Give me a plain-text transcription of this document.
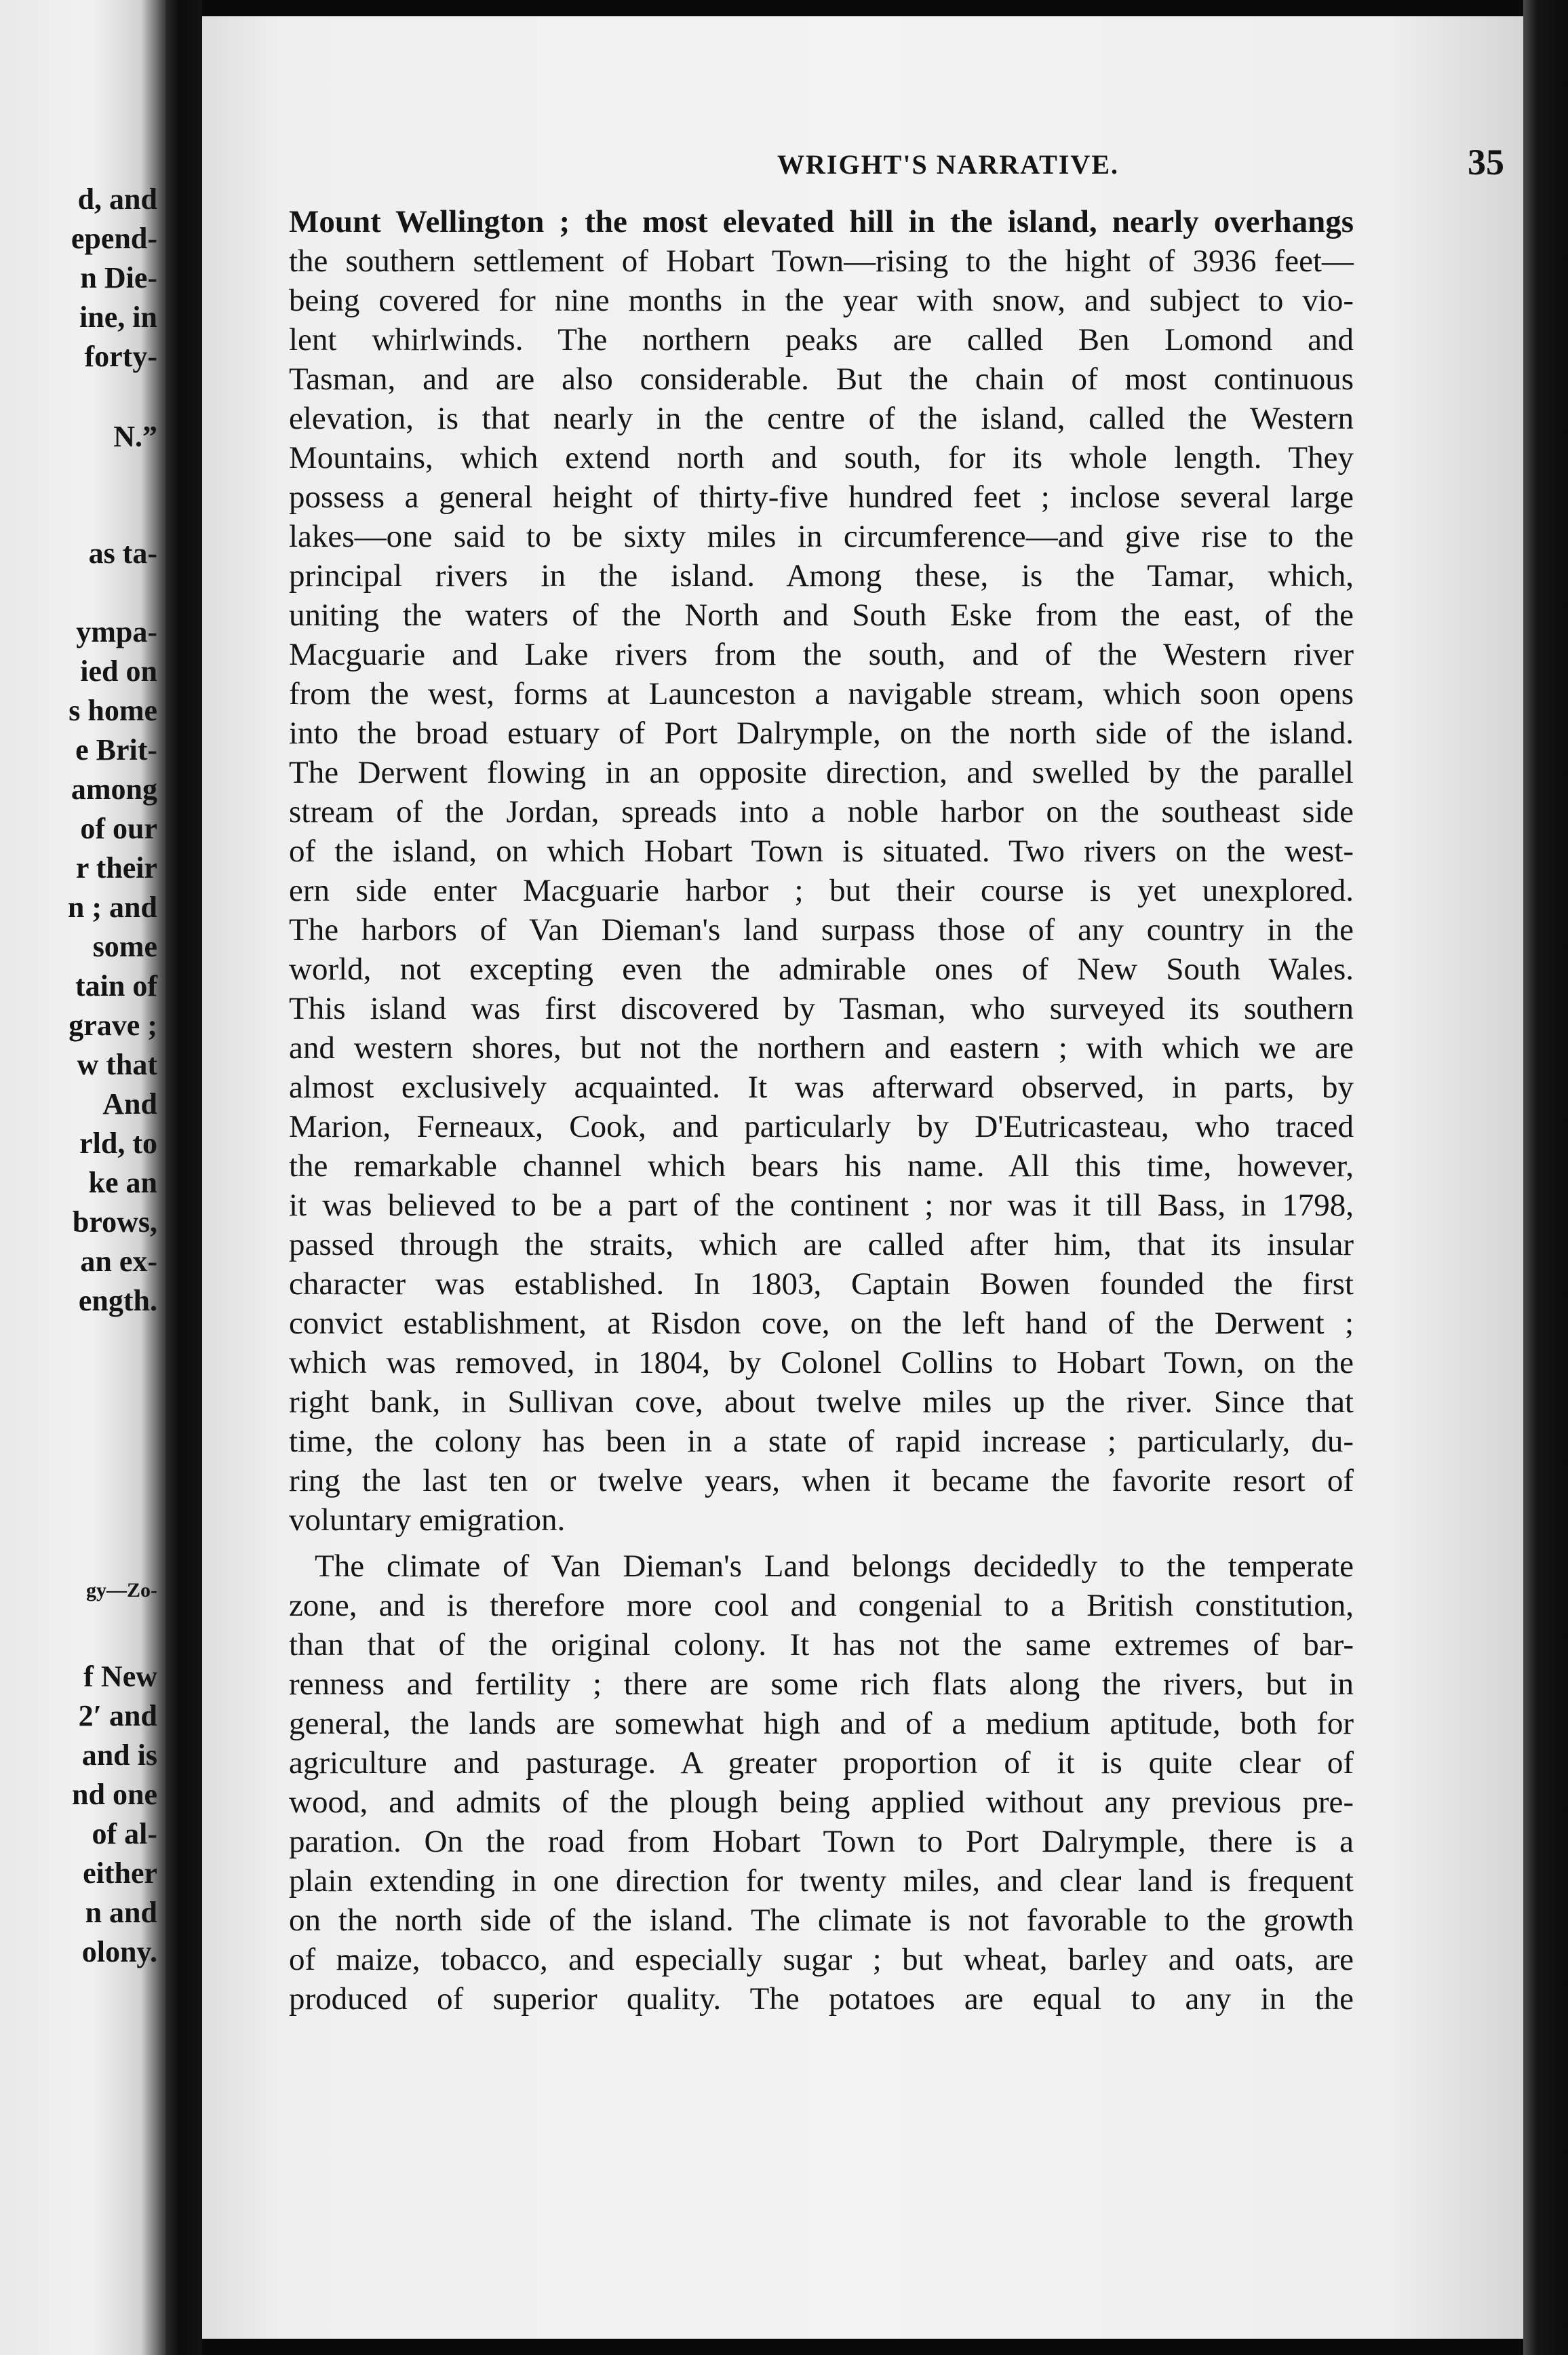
d, and
epend-
n Die-
ine, in
forty-
N.”
as ta-
ympa-
ied on
s home
e Brit-
among
of our
r their
n ; and
some
tain of
grave ;
w that
And
rld, to
ke an
brows,
an ex-
ength.
gy—Zo-
f New
2′ and
and is
nd one
of al-
either
n and
olony.
WRIGHT'S NARRATIVE.	35
Mount Wellington ; the most elevated hill in the island, nearly overhangs
the southern settlement of Hobart Town—rising to the hight of 3936 feet—
being covered for nine months in the year with snow, and subject to vio-
lent whirlwinds. The northern peaks are called Ben Lomond and
Tasman, and are also considerable. But the chain of most continuous
elevation, is that nearly in the centre of the island, called the Western
Mountains, which extend north and south, for its whole length. They
possess a general height of thirty-five hundred feet ; inclose several large
lakes—one said to be sixty miles in circumference—and give rise to the
principal rivers in the island. Among these, is the Tamar, which,
uniting the waters of the North and South Eske from the east, of the
Macguarie and Lake rivers from the south, and of the Western river
from the west, forms at Launceston a navigable stream, which soon opens
into the broad estuary of Port Dalrymple, on the north side of the island.
The Derwent flowing in an opposite direction, and swelled by the parallel
stream of the Jordan, spreads into a noble harbor on the southeast side
of the island, on which Hobart Town is situated. Two rivers on the west-
ern side enter Macguarie harbor ; but their course is yet unexplored.
The harbors of Van Dieman's land surpass those of any country in the
world, not excepting even the admirable ones of New South Wales.
This island was first discovered by Tasman, who surveyed its southern
and western shores, but not the northern and eastern ; with which we are
almost exclusively acquainted. It was afterward observed, in parts, by
Marion, Ferneaux, Cook, and particularly by D'Eutricasteau, who traced
the remarkable channel which bears his name. All this time, however,
it was believed to be a part of the continent ; nor was it till Bass, in 1798,
passed through the straits, which are called after him, that its insular
character was established. In 1803, Captain Bowen founded the first
convict establishment, at Risdon cove, on the left hand of the Derwent ;
which was removed, in 1804, by Colonel Collins to Hobart Town, on the
right bank, in Sullivan cove, about twelve miles up the river. Since that
time, the colony has been in a state of rapid increase ; particularly, du-
ring the last ten or twelve years, when it became the favorite resort of
voluntary emigration.
The climate of Van Dieman's Land belongs decidedly to the temperate
zone, and is therefore more cool and congenial to a British constitution,
than that of the original colony. It has not the same extremes of bar-
renness and fertility ; there are some rich flats along the rivers, but in
general, the lands are somewhat high and of a medium aptitude, both for
agriculture and pasturage. A greater proportion of it is quite clear of
wood, and admits of the plough being applied without any previous pre-
paration. On the road from Hobart Town to Port Dalrymple, there is a
plain extending in one direction for twenty miles, and clear land is frequent
on the north side of the island. The climate is not favorable to the growth
of maize, tobacco, and especially sugar ; but wheat, barley and oats, are
produced of superior quality. The potatoes are equal to any in the
